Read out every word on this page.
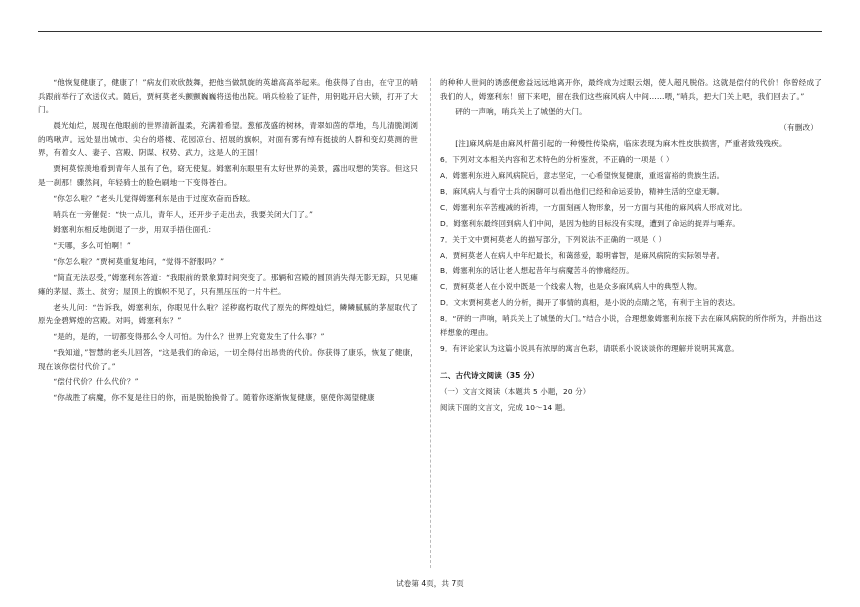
“他恢复健康了，健康了！”病友们欢欣鼓舞，把他当做凯旋的英雄高高举起来。他获得了自由，在守卫的哨兵跟前举行了欢送仪式。随后，贾柯莫老头颤颤巍巍将送他出院。哨兵检验了证件，用钥匙开启大锁，打开了大门。

晨光灿烂，展现在他眼前的世界清新温柔，充满着希望。葱郁茂盛的树林，青翠如茵的草地，鸟儿清脆浏浏的鸣啾声。远处显出城市、尖台的塔楼、花园凉台、招展的旗帜，对面有雾有绰有挺拔的人群和变幻莫测的世界，有着女人、妻子、宫殿、阴谋、权势、武力，这是人的王国！

贾柯莫惊羡地看到青年人虽有了色，窈无使复。姆塞利东眼里有太好世界的美景，露出叹想的笑容。但这只是一刹那！骤然间，年轻骑士的脸色刷地一下变得苍白。

“你怎么啦？”老头儿觉得姆塞利东是由于过度欢奋而昏眩。

哨兵在一旁催促：“快一点儿，青年人，还开步子走出去，我要关闭大门了。”

姆塞利东相反地倒退了一步，用双手捂住面孔：

“天哪，多么可怕啊！”

“你怎么啦？”贾柯莫重复地问，“觉得不舒服吗？”

“简直无法忍受，”姆塞利东答道：“我眼前的景象算时间突变了。那辆和宫殿的圆顶消失得无影无踪，只见瘫瘫的茅屋、蒸土、贫穷；屋顶上的旗帜不见了，只有黑压压的一片牛栏。

老头儿问：“告诉我，姆塞利东，你眼见什么啦？淫秽腐朽取代了原先的辉煌灿烂，鳞鳞腻腻的茅屋取代了原先金碧辉煌的宫殿。对吗，姆塞利东？”

“是的，是的，一切都变得那么令人可怕。为什么？世界上究竟发生了什么事？”

“我知道，”智慧的老头儿回答，“这是我们的命运，一切全得付出昂贵的代价。你获得了康乐，恢复了健康，现在该你偿付代价了。”

“偿付代价？什么代价？”

“你战胜了病魔，你不复是往日的你，而是脱胎换骨了。随着你逐渐恢复健康，驱使你渴望健康

的种种人世间的诱惑便愈益远远地离开你，最终成为过眼云烟，使人超凡脱俗。这就是偿付的代价！你曾经成了我们的人，姆塞利东！留下来吧，留在我们这些麻风病人中间……喂，”哨兵，把大门关上吧，我们回去了。”

砰的一声响，哨兵关上了城堡的大门。

（有删改）

[注]麻风病是由麻风杆菌引起的一种慢性传染病，临床表现为麻木性皮肤损害，严重者致残残疾。

6．下列对文本相关内容和艺术特色的分析鉴赏，不正确的一项是（ ）

A．姆塞利东进入麻风病院后，意志坚定，一心希望恢复健康，重返富裕的贵族生活。

B．麻风病人与看守士兵的闲聊可以看出他们已经和命运妥协，精神生活的空虚无聊。

C．姆塞利东辛苦瘦减的祈祷，一方面刻画人物形象，另一方面与其他的麻风病人形成对比。

D．姆塞利东最终回到病人们中间，是因为他的目标没有实现，遭到了命运的捉弄与唾弃。

7．关于文中贾柯莫老人的描写部分，下列说法不正确的一项是（ ）

A．贾柯莫老人在病人中年纪最长，和蔼慈爱，聪明睿智，是麻风病院的实际领导者。

B．姆塞利东的话让老人想起昔年与病魔苦斗的惨痛经历。

C．贾柯莫老人在小说中既是一个线索人物，也是众多麻风病人中的典型人物。

D．文末贾柯莫老人的分析，揭开了事情的真相，是小说的点睛之笔，有利于主旨的表达。

8．“砰的一声响，哨兵关上了城堡的大门。”结合小说，合理想象姆塞利东接下去在麻风病院的所作所为，并指出这样想象的理由。

9．有评论家认为这篇小说具有浓厚的寓言色彩，请联系小说谈谈你的理解并说明其寓意。

二、古代诗文阅读（35 分）

（一）文言文阅读（本题共 5 小题，20 分）

阅读下面的文言文，完成 10～14 题。

试卷第 4页，共 7页
